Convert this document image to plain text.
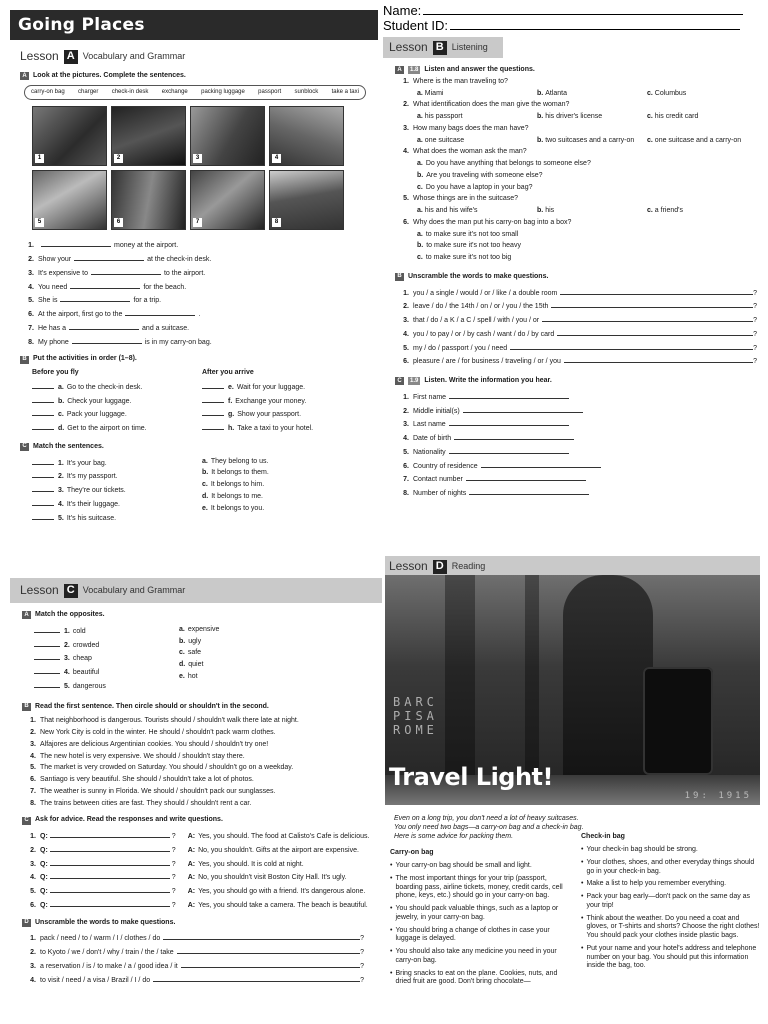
Going Places
Name:
Student ID:
Lesson A Vocabulary and Grammar
A Look at the pictures. Complete the sentences.
carry-on bag charger check-in desk exchange packing luggage passport sunblock take a taxi
1	2	3	4
5	6	7	8
1.	money at the airport.
2. Show your	at the check-in desk.
3. It's expensive to	to the airport.
4. You need	for the beach.
5. She is	for a trip.
6. At the airport, first go to the	.
7. He has a	and a suitcase.
8. My phone	is in my carry-on bag.
B Put the activities in order (1–8).
Before you fly
a. Go to the check-in desk.
b. Check your luggage.
c. Pack your luggage.
d. Get to the airport on time.
After you arrive
e. Wait for your luggage.
f. Exchange your money.
g. Show your passport.
h. Take a taxi to your hotel.
C Match the sentences.
1. It's your bag.
2. It's my passport.
3. They're our tickets.
4. It's their luggage.
5. It's his suitcase.
a. They belong to us.
b. It belongs to them.
c. It belongs to him.
d. It belongs to me.
e. It belongs to you.
Lesson B Listening
A	1.8 Listen and answer the questions.
1. Where is the man traveling to?
a. Miami	b. Atlanta	c. Columbus
2. What identification does the man give the woman?
a. his passport	b. his driver's license	c. his credit card
3. How many bags does the man have?
a. one suitcase	b. two suitcases and a carry-on	c. one suitcase and a carry-on
4. What does the woman ask the man?
a. Do you have anything that belongs to someone else?
b. Are you traveling with someone else?
c. Do you have a laptop in your bag?
5. Whose things are in the suitcase?
a. his and his wife's	b. his	c. a friend's
6. Why does the man put his carry-on bag into a box?
a. to make sure it's not too small
b. to make sure it's not too heavy
c. to make sure it's not too big
B Unscramble the words to make questions.
1. you / a single / would / or / like / a double room	?
2. leave / do / the 14th / on / or / you / the 15th	?
3. that / do / a K / a C / spell / with / you / or	?
4. you / to pay / or / by cash / want / do / by card	?
5. my / do / passport / you / need	?
6. pleasure / are / for business / traveling / or / you	?
C	1.9 Listen. Write the information you hear.
1. First name
2. Middle initial(s)
3. Last name
4. Date of birth
5. Nationality
6. Country of residence
7. Contact number
8. Number of nights
Lesson C Vocabulary and Grammar
A Match the opposites.
1. cold
2. crowded
3. cheap
4. beautiful
5. dangerous
a. expensive
b. ugly
c. safe
d. quiet
e. hot
B Read the first sentence. Then circle should or shouldn't in the second.
1. That neighborhood is dangerous. Tourists should / shouldn't walk there late at night.
2. New York City is cold in the winter. He should / shouldn't pack warm clothes.
3. Alfajores are delicious Argentinian cookies. You should / shouldn't try one!
4. The new hotel is very expensive. We should / shouldn't stay there.
5. The market is very crowded on Saturday. You should / shouldn't go on a weekday.
6. Santiago is very beautiful. She should / shouldn't take a lot of photos.
7. The weather is sunny in Florida. We should / shouldn't pack our sunglasses.
8. The trains between cities are fast. They should / shouldn't rent a car.
C Ask for advice. Read the responses and write questions.
1. Q:	? A: Yes, you should. The food at Calisto's Cafe is delicious.
2. Q:	? A: No, you shouldn't. Gifts at the airport are expensive.
3. Q:	? A: Yes, you should. It is cold at night.
4. Q:	? A: No, you shouldn't visit Boston City Hall. It's ugly.
5. Q:	? A: Yes, you should go with a friend. It's dangerous alone.
6. Q:	? A: Yes, you should take a camera. The beach is beautiful.
D Unscramble the words to make questions.
1. pack / need / to / warm / I / clothes / do	?
2. to Kyoto / we / don't / why / train / the / take	?
3. a reservation / is / to make / a / good idea / it	?
4. to visit / need / a visa / Brazil / I / do	?
Lesson D Reading
BARC
PISA
ROME
19: 1915
Travel Light!
Even on a long trip, you don't need a lot of heavy suitcases. You only need two bags—a carry-on bag and a check-in bag. Here is some advice for packing them.
Carry-on bag
• Your carry-on bag should be small and light.
• The most important things for your trip (passport, boarding pass, airline tickets, money, credit cards, cell phone, keys, etc.) should go in your carry-on bag.
• You should pack valuable things, such as a laptop or jewelry, in your carry-on bag.
• You should bring a change of clothes in case your luggage is delayed.
• You should also take any medicine you need in your carry-on bag.
• Bring snacks to eat on the plane. Cookies, nuts, and dried fruit are good. Don't bring chocolate—
Check-in bag
• Your check-in bag should be strong.
• Your clothes, shoes, and other everyday things should go in your check-in bag.
• Make a list to help you remember everything.
• Pack your bag early—don't pack on the same day as your trip!
• Think about the weather. Do you need a coat and gloves, or T-shirts and shorts? Choose the right clothes! You should pack your clothes inside plastic bags.
• Put your name and your hotel's address and telephone number on your bag. You should put this information inside the bag, too.
